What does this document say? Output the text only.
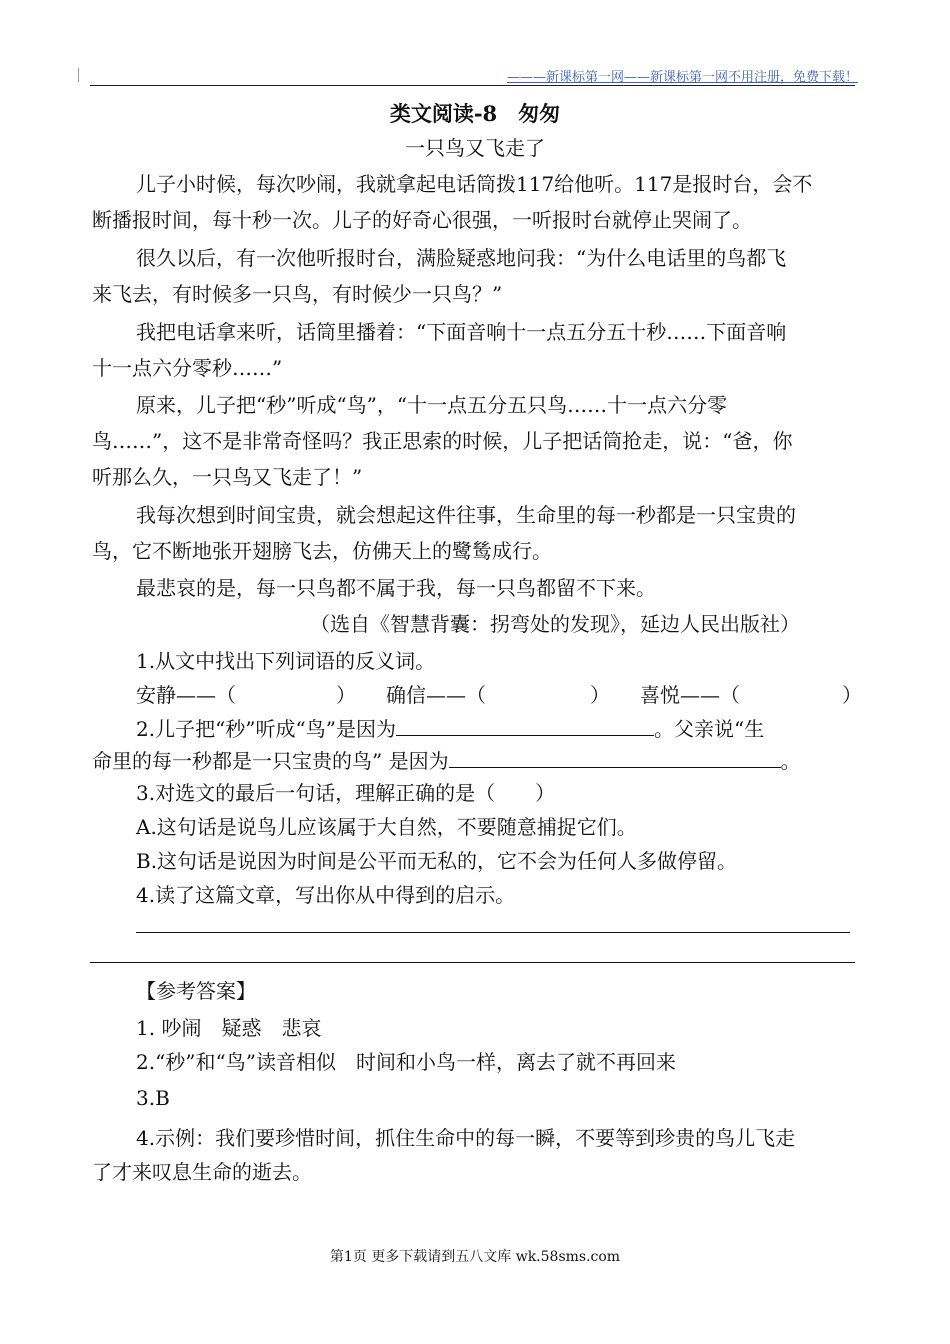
———新课标第一网——新课标第一网不用注册，免费下载！
类文阅读-8　匆匆
一只鸟又飞走了
儿子小时候，每次吵闹，我就拿起电话筒拨117给他听。117是报时台，会不
断播报时间，每十秒一次。儿子的好奇心很强，一听报时台就停止哭闹了。
很久以后，有一次他听报时台，满脸疑惑地问我：“为什么电话里的鸟都飞
来飞去，有时候多一只鸟，有时候少一只鸟？”
我把电话拿来听，话筒里播着：“下面音响十一点五分五十秒……下面音响
十一点六分零秒……”
原来，儿子把“秒”听成“鸟”，“十一点五分五只鸟……十一点六分零
鸟……”，这不是非常奇怪吗？我正思索的时候，儿子把话筒抢走，说：“爸，你
听那么久，一只鸟又飞走了！”
我每次想到时间宝贵，就会想起这件往事，生命里的每一秒都是一只宝贵的
鸟，它不断地张开翅膀飞去，仿佛天上的鹭鸶成行。
最悲哀的是，每一只鸟都不属于我，每一只鸟都留不下来。
（选自《智慧背囊：拐弯处的发现》，延边人民出版社）
1.从文中找出下列词语的反义词。
安静——（	） 确信——（	） 喜悦——（	）
2.儿子把“秒”听成“鸟”是因为	。父亲说“生
命里的每一秒都是一只宝贵的鸟” 是因为	。
3.对选文的最后一句话，理解正确的是（　　）
A.这句话是说鸟儿应该属于大自然，不要随意捕捉它们。
B.这句话是说因为时间是公平而无私的，它不会为任何人多做停留。
4.读了这篇文章，写出你从中得到的启示。
【参考答案】
1. 吵闹　疑惑　悲哀
2.“秒”和“鸟”读音相似　时间和小鸟一样，离去了就不再回来
3.B
4.示例：我们要珍惜时间，抓住生命中的每一瞬，不要等到珍贵的鸟儿飞走
了才来叹息生命的逝去。
第1页 更多下载请到五八文库 wk.58sms.com
